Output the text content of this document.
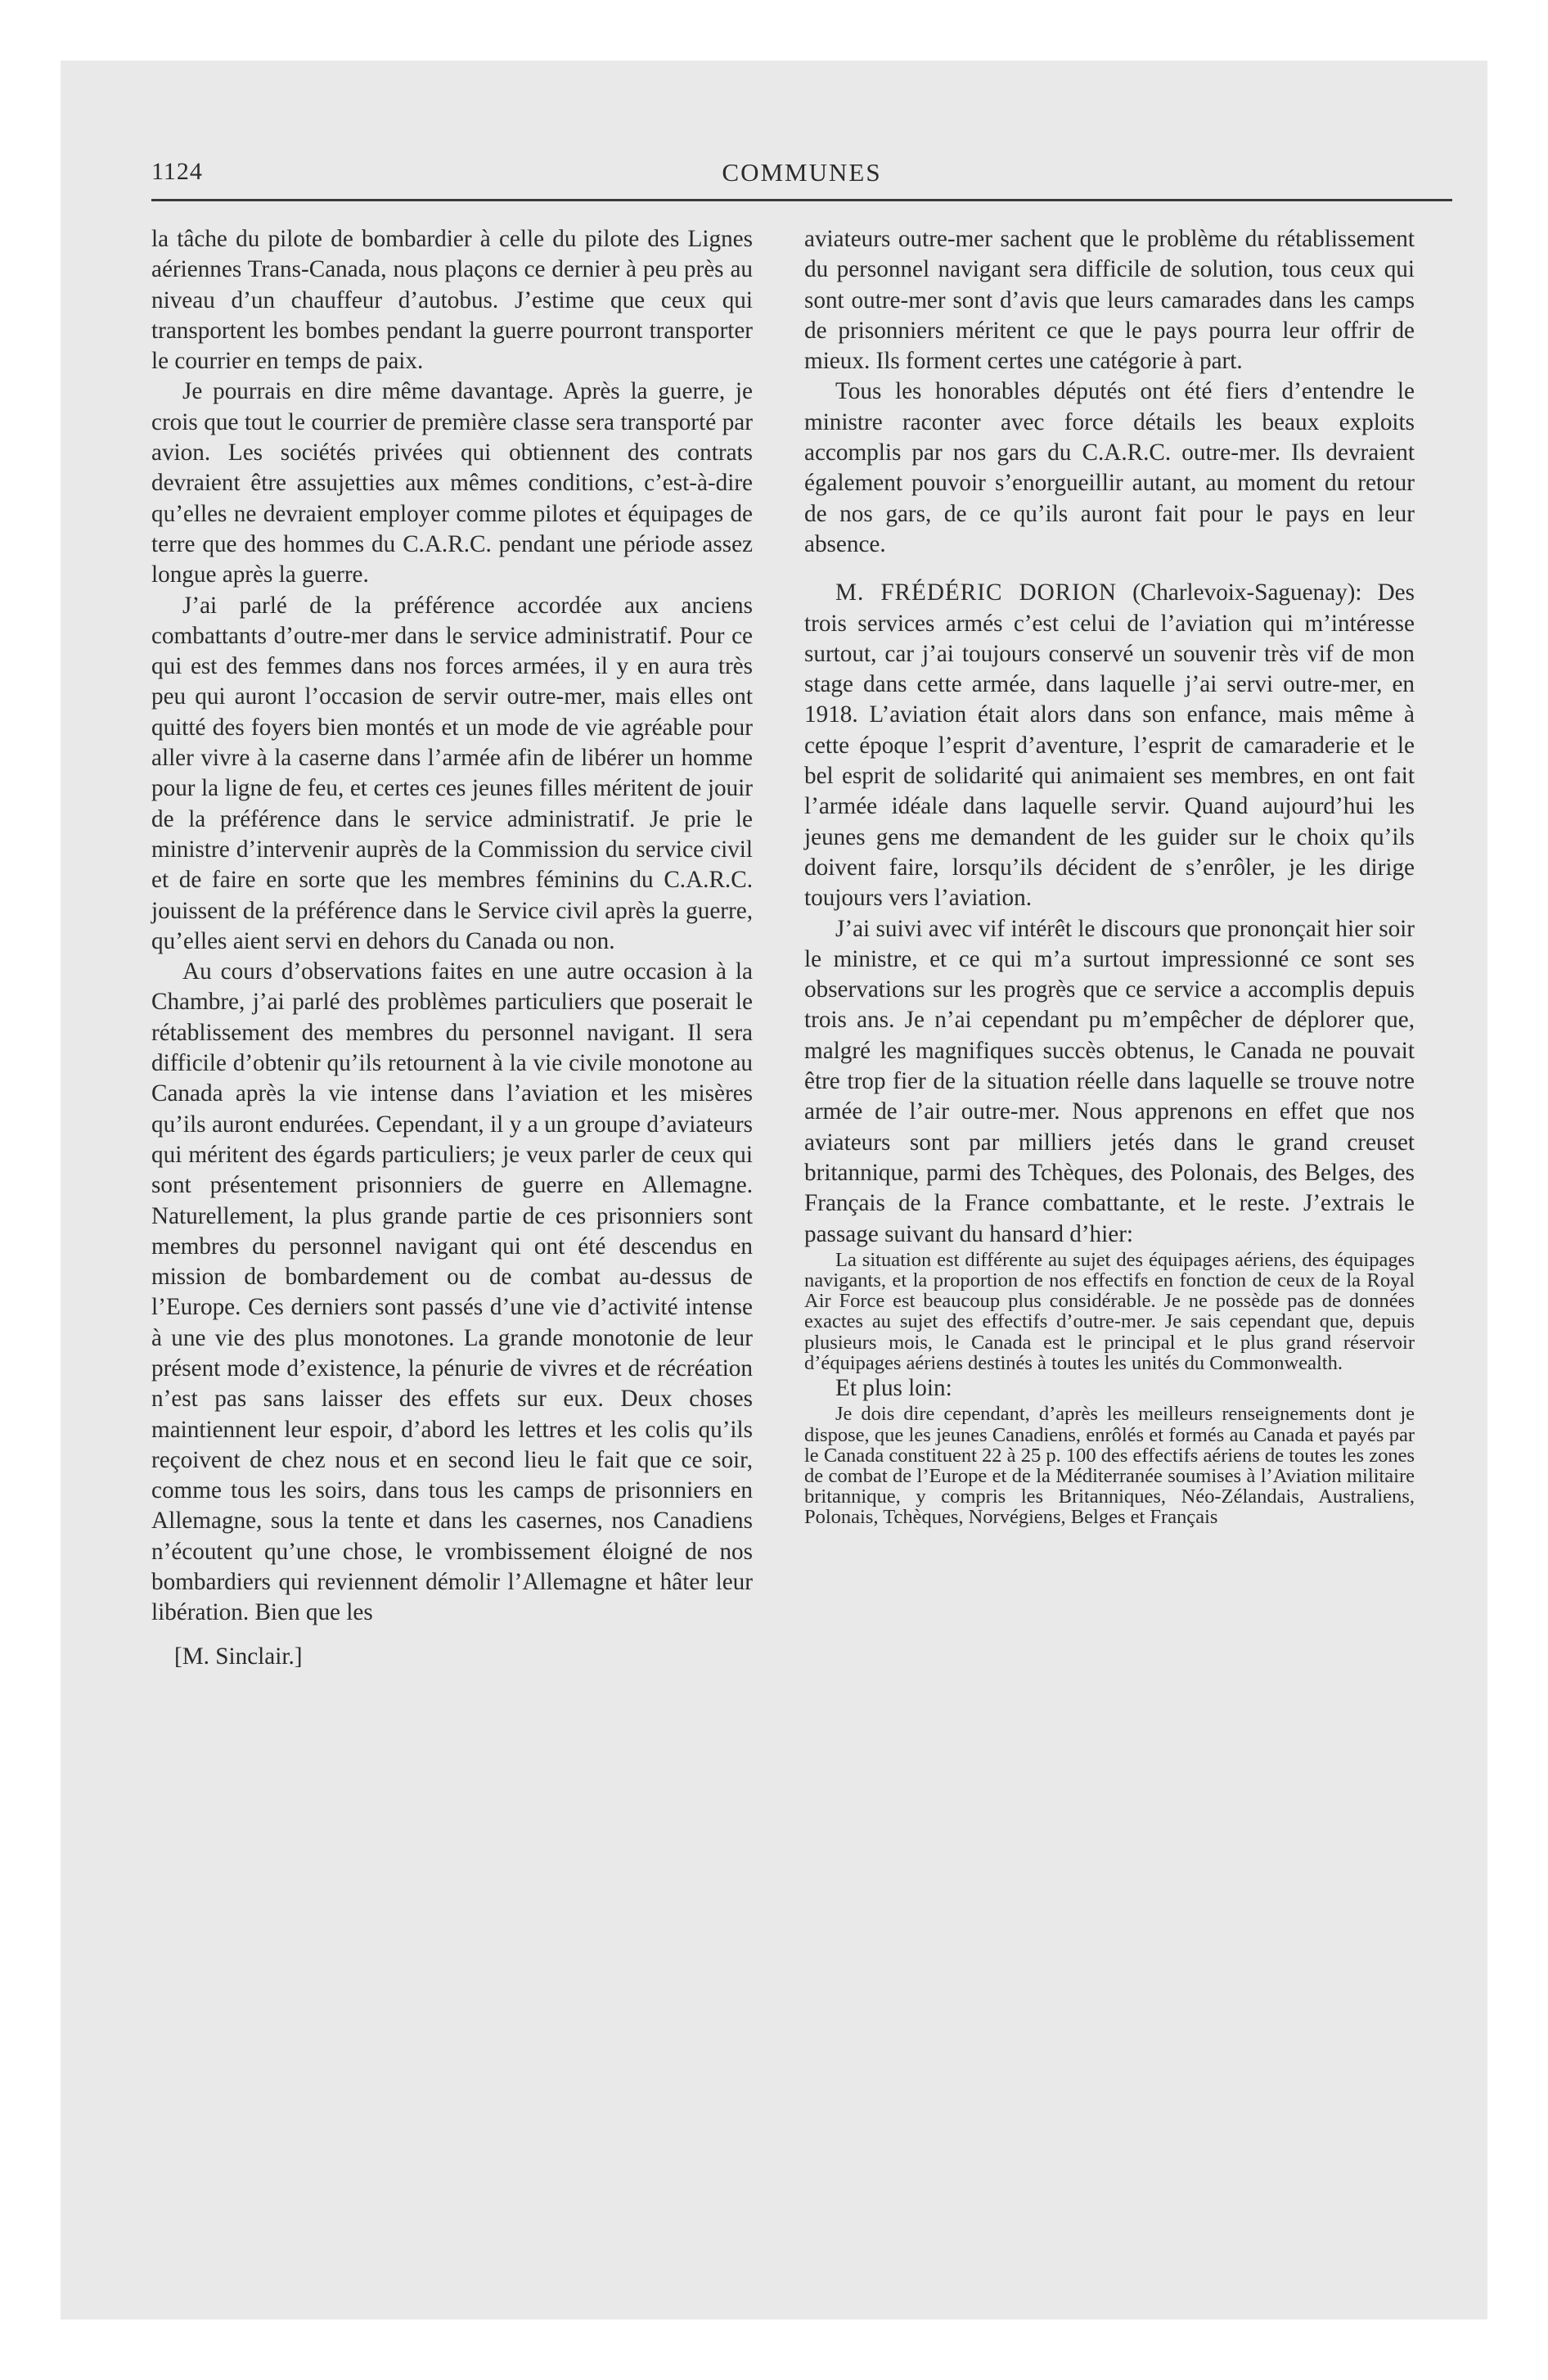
1124	COMMUNES

la tâche du pilote de bombardier à celle du pilote des Lignes aériennes Trans-Canada, nous plaçons ce dernier à peu près au niveau d’un chauffeur d’autobus. J’estime que ceux qui transportent les bombes pendant la guerre pourront transporter le courrier en temps de paix.

Je pourrais en dire même davantage. Après la guerre, je crois que tout le courrier de première classe sera transporté par avion. Les sociétés privées qui obtiennent des contrats devraient être assujetties aux mêmes conditions, c’est-à-dire qu’elles ne devraient employer comme pilotes et équipages de terre que des hommes du C.A.R.C. pendant une période assez longue après la guerre.

J’ai parlé de la préférence accordée aux anciens combattants d’outre-mer dans le service administratif. Pour ce qui est des femmes dans nos forces armées, il y en aura très peu qui auront l’occasion de servir outre-mer, mais elles ont quitté des foyers bien montés et un mode de vie agréable pour aller vivre à la caserne dans l’armée afin de libérer un homme pour la ligne de feu, et certes ces jeunes filles méritent de jouir de la préférence dans le service administratif. Je prie le ministre d’intervenir auprès de la Commission du service civil et de faire en sorte que les membres féminins du C.A.R.C. jouissent de la préférence dans le Service civil après la guerre, qu’elles aient servi en dehors du Canada ou non.

Au cours d’observations faites en une autre occasion à la Chambre, j’ai parlé des problèmes particuliers que poserait le rétablissement des membres du personnel navigant. Il sera difficile d’obtenir qu’ils retournent à la vie civile monotone au Canada après la vie intense dans l’aviation et les misères qu’ils auront endurées. Cependant, il y a un groupe d’aviateurs qui méritent des égards particuliers; je veux parler de ceux qui sont présentement prisonniers de guerre en Allemagne. Naturellement, la plus grande partie de ces prisonniers sont membres du personnel navigant qui ont été descendus en mission de bombardement ou de combat au-dessus de l’Europe. Ces derniers sont passés d’une vie d’activité intense à une vie des plus monotones. La grande monotonie de leur présent mode d’existence, la pénurie de vivres et de récréation n’est pas sans laisser des effets sur eux. Deux choses maintiennent leur espoir, d’abord les lettres et les colis qu’ils reçoivent de chez nous et en second lieu le fait que ce soir, comme tous les soirs, dans tous les camps de prisonniers en Allemagne, sous la tente et dans les casernes, nos Canadiens n’écoutent qu’une chose, le vrombissement éloigné de nos bombardiers qui reviennent démolir l’Allemagne et hâter leur libération. Bien que les

[M. Sinclair.]

aviateurs outre-mer sachent que le problème du rétablissement du personnel navigant sera difficile de solution, tous ceux qui sont outre-mer sont d’avis que leurs camarades dans les camps de prisonniers méritent ce que le pays pourra leur offrir de mieux. Ils forment certes une catégorie à part.

Tous les honorables députés ont été fiers d’entendre le ministre raconter avec force détails les beaux exploits accomplis par nos gars du C.A.R.C. outre-mer. Ils devraient également pouvoir s’enorgueillir autant, au moment du retour de nos gars, de ce qu’ils auront fait pour le pays en leur absence.

M. FRÉDÉRIC DORION (Charlevoix-Saguenay): Des trois services armés c’est celui de l’aviation qui m’intéresse surtout, car j’ai toujours conservé un souvenir très vif de mon stage dans cette armée, dans laquelle j’ai servi outre-mer, en 1918. L’aviation était alors dans son enfance, mais même à cette époque l’esprit d’aventure, l’esprit de camaraderie et le bel esprit de solidarité qui animaient ses membres, en ont fait l’armée idéale dans laquelle servir. Quand aujourd’hui les jeunes gens me demandent de les guider sur le choix qu’ils doivent faire, lorsqu’ils décident de s’enrôler, je les dirige toujours vers l’aviation.

J’ai suivi avec vif intérêt le discours que prononçait hier soir le ministre, et ce qui m’a surtout impressionné ce sont ses observations sur les progrès que ce service a accomplis depuis trois ans. Je n’ai cependant pu m’empêcher de déplorer que, malgré les magnifiques succès obtenus, le Canada ne pouvait être trop fier de la situation réelle dans laquelle se trouve notre armée de l’air outre-mer. Nous apprenons en effet que nos aviateurs sont par milliers jetés dans le grand creuset britannique, parmi des Tchèques, des Polonais, des Belges, des Français de la France combattante, et le reste. J’extrais le passage suivant du hansard d’hier:

La situation est différente au sujet des équipages aériens, des équipages navigants, et la proportion de nos effectifs en fonction de ceux de la Royal Air Force est beaucoup plus considérable. Je ne possède pas de données exactes au sujet des effectifs d’outre-mer. Je sais cependant que, depuis plusieurs mois, le Canada est le principal et le plus grand réservoir d’équipages aériens destinés à toutes les unités du Commonwealth.

Et plus loin:

Je dois dire cependant, d’après les meilleurs renseignements dont je dispose, que les jeunes Canadiens, enrôlés et formés au Canada et payés par le Canada constituent 22 à 25 p. 100 des effectifs aériens de toutes les zones de combat de l’Europe et de la Méditerranée soumises à l’Aviation militaire britannique, y compris les Britanniques, Néo-Zélandais, Australiens, Polonais, Tchèques, Norvégiens, Belges et Français
